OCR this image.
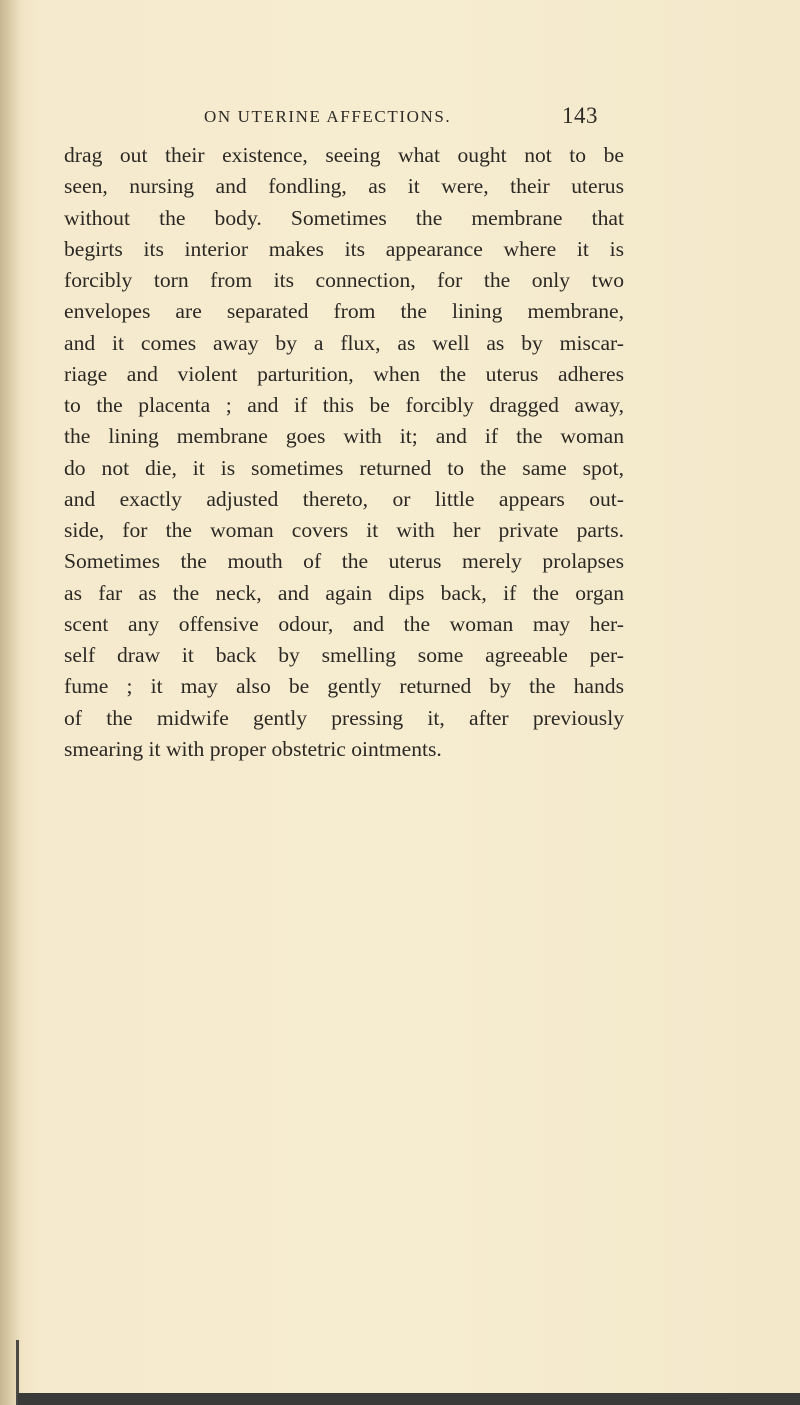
ON UTERINE AFFECTIONS.	143
drag out their existence, seeing what ought not to be
seen, nursing and fondling, as it were, their uterus
without the body. Sometimes the membrane that
begirts its interior makes its appearance where it is
forcibly torn from its connection, for the only two
envelopes are separated from the lining membrane,
and it comes away by a flux, as well as by miscar-
riage and violent parturition, when the uterus adheres
to the placenta ; and if this be forcibly dragged away,
the lining membrane goes with it; and if the woman
do not die, it is sometimes returned to the same spot,
and exactly adjusted thereto, or little appears out-
side, for the woman covers it with her private parts.
Sometimes the mouth of the uterus merely prolapses
as far as the neck, and again dips back, if the organ
scent any offensive odour, and the woman may her-
self draw it back by smelling some agreeable per-
fume ; it may also be gently returned by the hands
of the midwife gently pressing it, after previously
smearing it with proper obstetric ointments.
